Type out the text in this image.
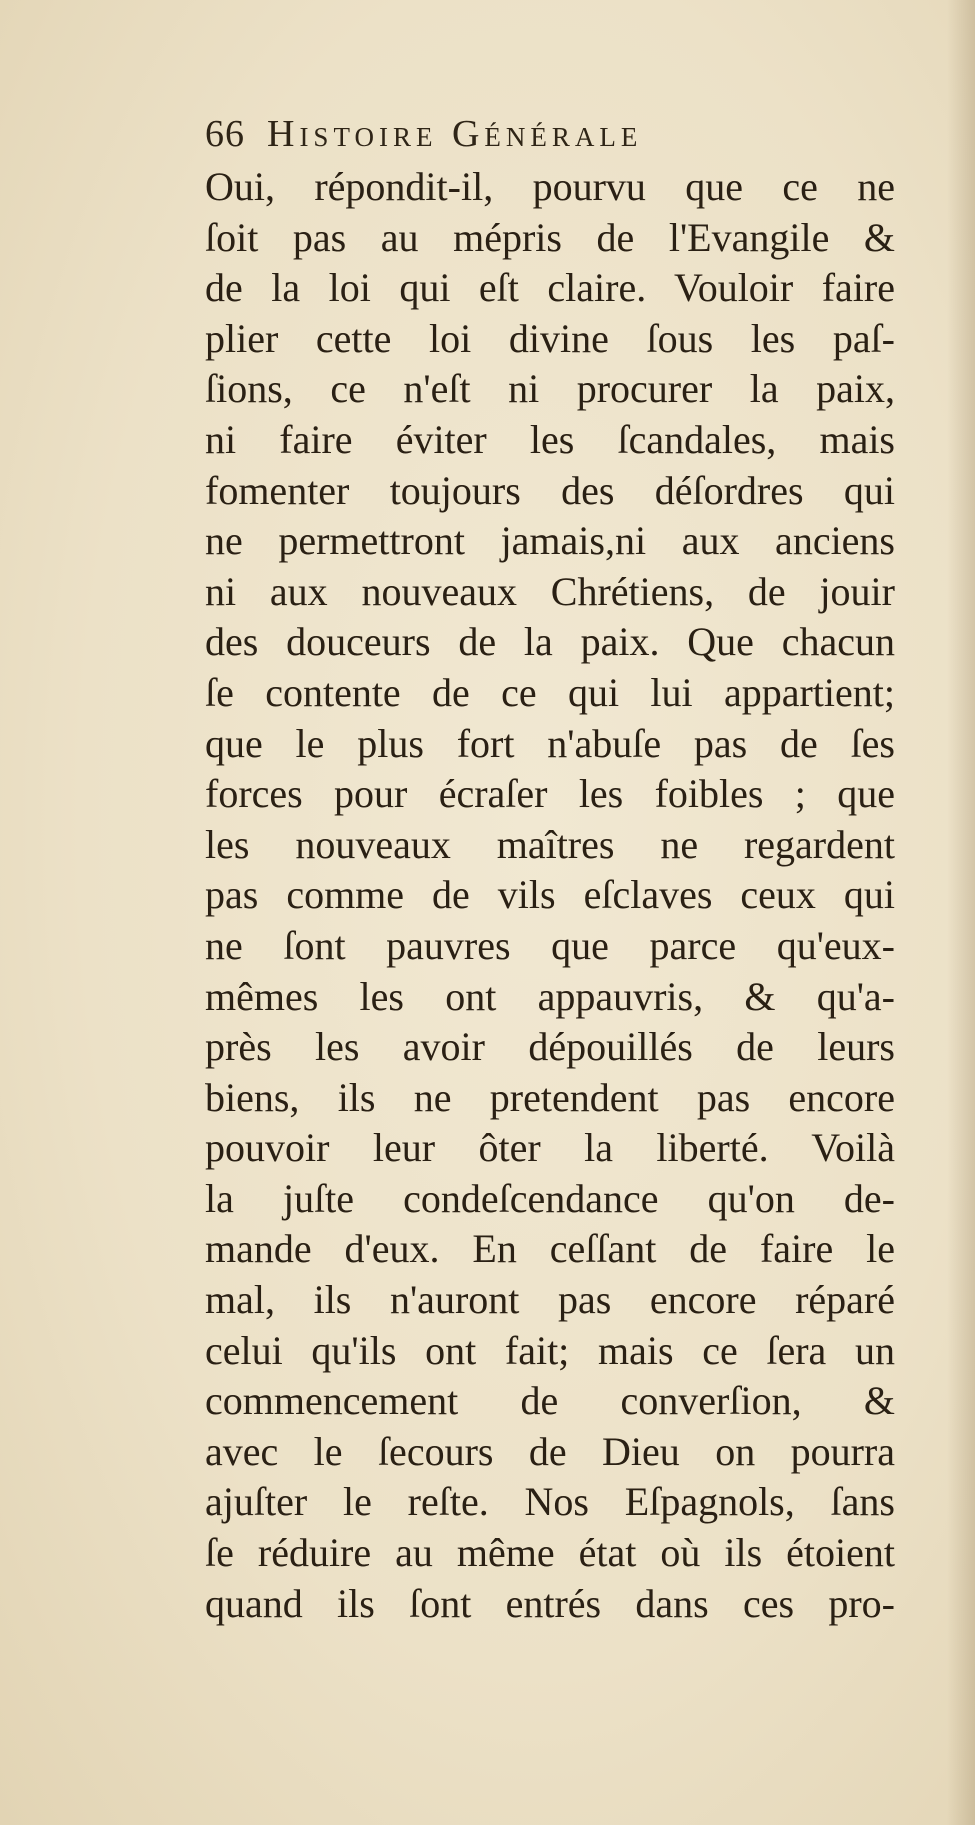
66 Histoire Générale
Oui, répondit-il, pourvu que ce ne
ſoit pas au mépris de l'Evangile &
de la loi qui eſt claire. Vouloir faire
plier cette loi divine ſous les paſ-
ſions, ce n'eſt ni procurer la paix,
ni faire éviter les ſcandales, mais
fomenter toujours des déſordres qui
ne permettront jamais,ni aux anciens
ni aux nouveaux Chrétiens, de jouir
des douceurs de la paix. Que chacun
ſe contente de ce qui lui appartient;
que le plus fort n'abuſe pas de ſes
forces pour écraſer les foibles ; que
les nouveaux maîtres ne regardent
pas comme de vils eſclaves ceux qui
ne ſont pauvres que parce qu'eux-
mêmes les ont appauvris, & qu'a-
près les avoir dépouillés de leurs
biens, ils ne pretendent pas encore
pouvoir leur ôter la liberté. Voilà
la juſte condeſcendance qu'on de-
mande d'eux. En ceſſant de faire le
mal, ils n'auront pas encore réparé
celui qu'ils ont fait; mais ce ſera un
commencement de converſion, &
avec le ſecours de Dieu on pourra
ajuſter le reſte. Nos Eſpagnols, ſans
ſe réduire au même état où ils étoient
quand ils ſont entrés dans ces pro-
